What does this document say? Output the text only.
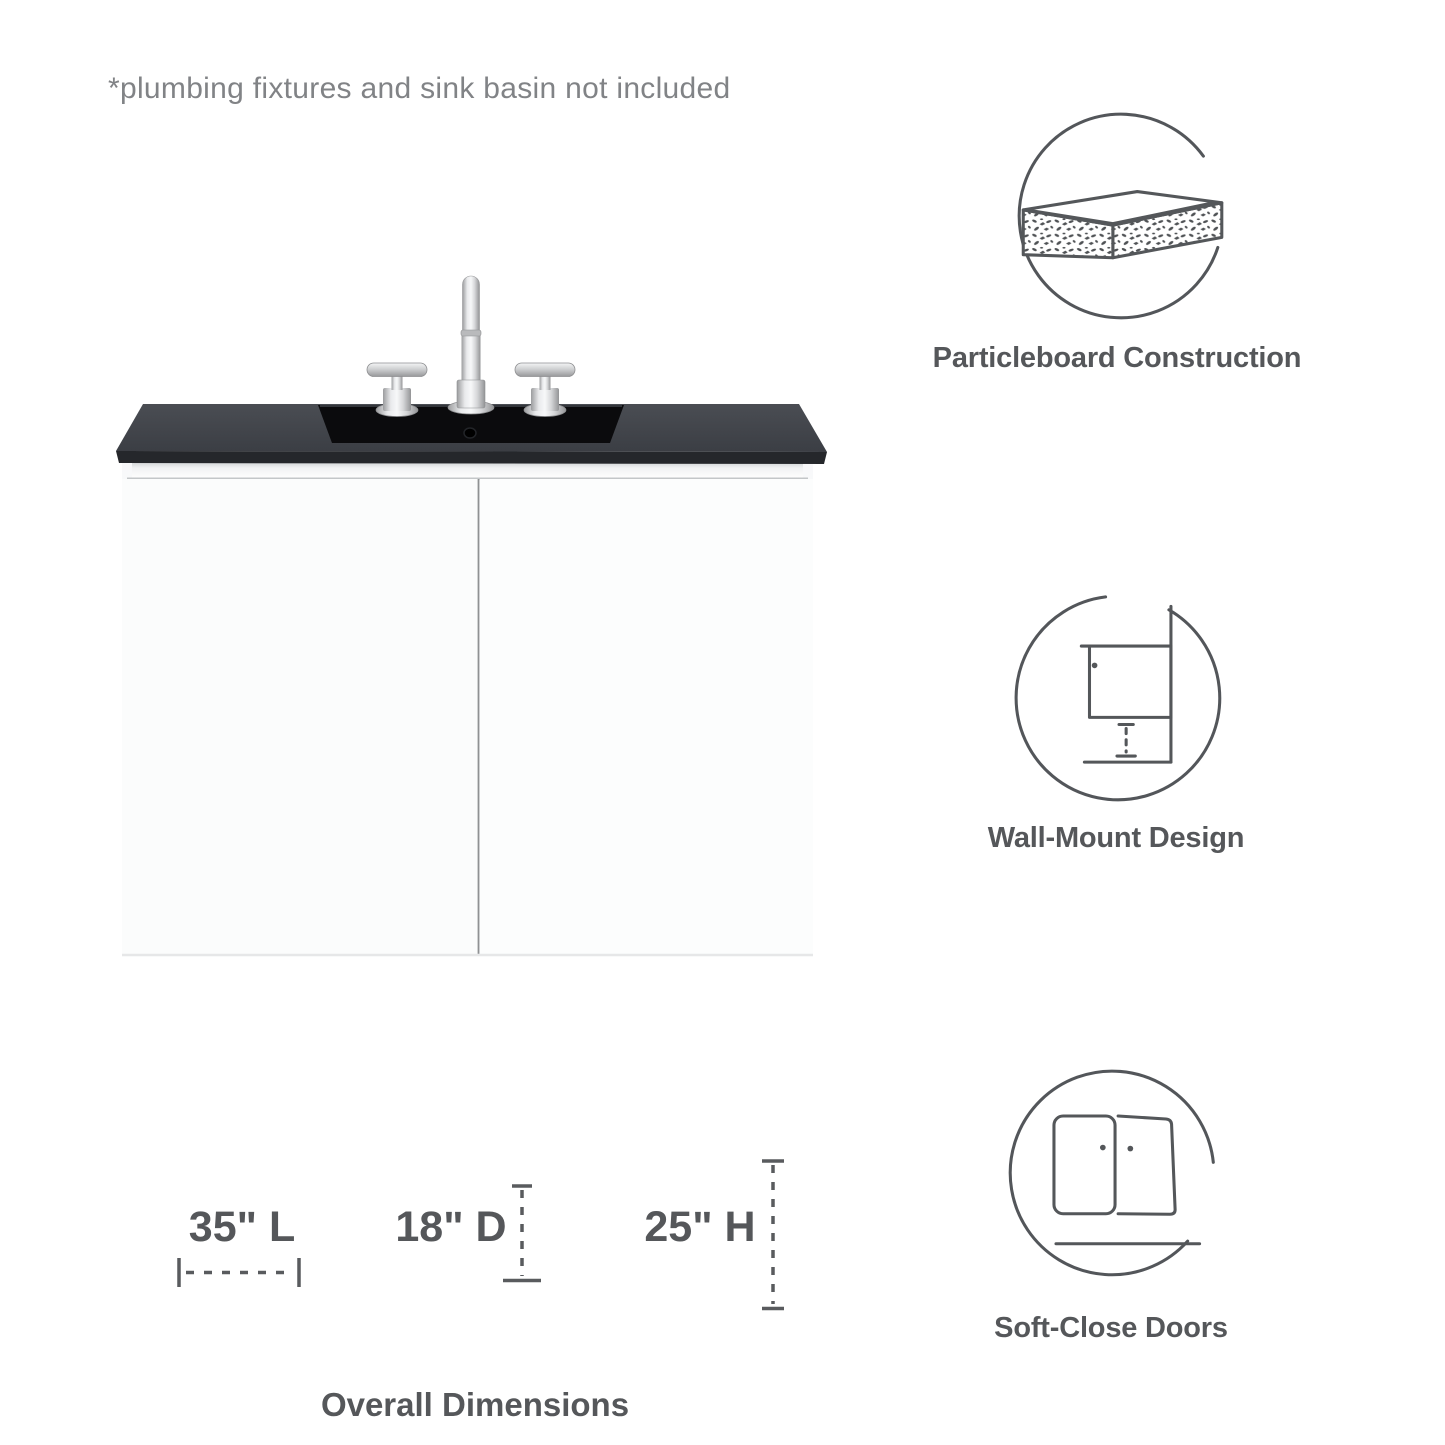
*plumbing fixtures and sink basin not included
35" L 18" D	25" H
Overall Dimensions
Particleboard Construction
Wall-Mount Design
Soft-Close Doors
